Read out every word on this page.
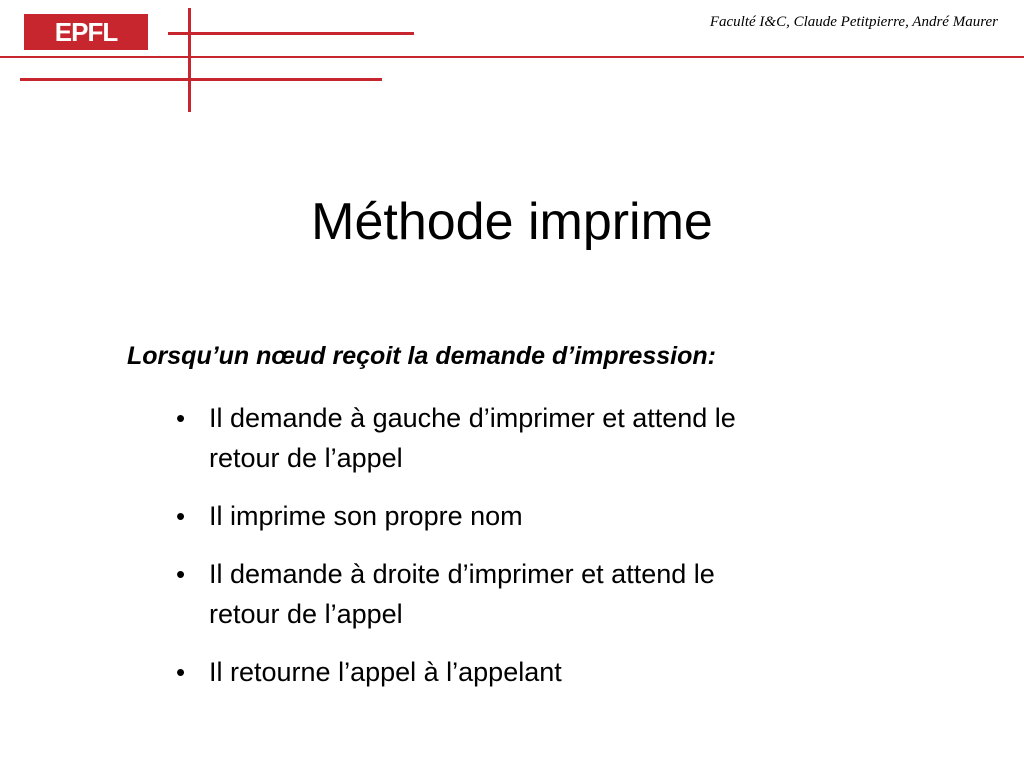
EPFL	Faculté I&C, Claude Petitpierre, André Maurer
Méthode imprime

Lorsqu’un nœud reçoit la demande d’impression:

• Il demande à gauche d’imprimer et attend le
retour de l’appel
• Il imprime son propre nom
• Il demande à droite d’imprimer et attend le
retour de l’appel
• Il retourne l’appel à l’appelant
